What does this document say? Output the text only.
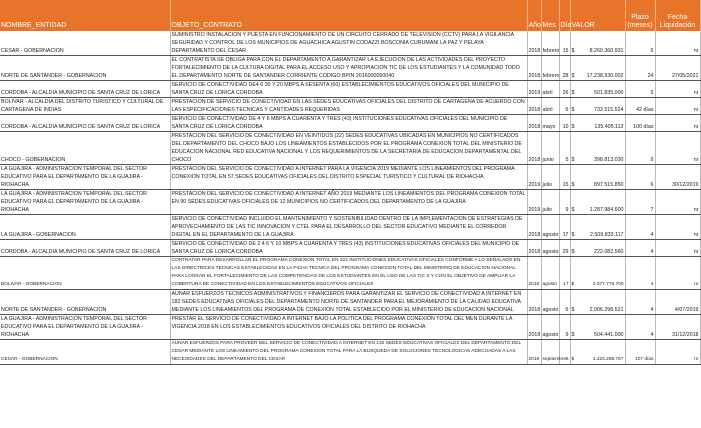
NOMBRE_ENTIDAD	OBJETO_CONTRATO	Año	Mes	Día	VALOR	Plazo (meses)	Fecha Liquidación
CESAR - GOBERNACION	SUMINISTRO INSTALACION Y PUESTA EN FUNCIONAMIENTO DE UN CIRCUITO CERRADO DE TELEVISION (CCTV) PARA LA VIGILANCIA SEGURIDAD Y CONTROL DE LOS MUNICIPIOS DE AGUACHICA AGUSTIN CODAZZI BOSCONIA CURUMANI LA PAZ Y PELAYA DEPARTAMENTO DEL CESAR	2018	febrero	15	$ 8.260.360.931	6	nr
NORTE DE SANTANDER - GOBERNACION	EL CONTRATISTA SE OBLIGA PARA CON EL DEPARTAMENTO A GARANTIZAR LA EJECUCION DE LAS ACTIVIDADES DEL PROYECTO FORTALECIMIENTO DE LA CULTURA DIGITAL PARA EL ACCESO USO Y APROPIACION TIC DE LOS ESTUDIANTES Y LA COMUNIDAD TODO EL DEPARTAMENTO NORTE DE SANTANDER CORRIENTE CODIGO BPIN 2016000050040	2018	febrero	28	$ 17.238.930.002	24	27/05/2021
CORDOBA - ALCALDIA MUNICIPIO DE SANTA CRUZ DE LORICA	SERVICIO DE CONECTIVIDAD DE4 6 30 Y 20 MBPS A SESENTA (60) ESTABLECIMIENTOS EDUCATIVOS OFICIALES DEL MUNICIPIO DE SANTA CRUZ DE LORICA CORDOBA	2019	abril	26	$ 501.835.000	5	nr
BOLIVAR - ALCALDIA DEL DISTRITO TURISTICO Y CULTURAL DE CARTAGENA DE INDIAS	PRESTACION DE SERVICIO DE CONECTIVIDAD EN LAS SEDES EDUCATIVAS OFICIALES DEL DISTRITO DE CARTAGENA DE ACUERDO CON LAS ESPECIFICACIONES TECNICAS Y CANTIDADES REQUERIDAS	2018	abril	6	$ 733.515.524	42 días	nr
CORDOBA - ALCALDIA MUNICIPIO DE SANTA CRUZ DE LORICA	SERVICIO DE CONECTIVIDAD DE 4 Y 6 MBPS A CUARENTA Y TRES (43) INSTITUCIONES EDUCATIVAS OFICIALES DEL MUNICIPIO DE SANTA CRUZ DE LORICA CORDOBA	2018	mayo	10	$ 135.405.113	100 días	nr
CHOCO - GOBERNACION	PRESTACION DEL SERVICIO DE CONECTIVIDAD EN VEINTIDOS (22) SEDES EDUCATIVAS UBICADAS EN MUNICIPIOS NO CERTIFICADOS DEL DEPARTAMENTO DEL CHOCO BAJO LOS LINEAMIENTOS ESTABLECIDOS POR EL PROGRAMA CONEXION TOTAL DEL MINISTERIO DE EDUCACION NACIONAL RED EDUCATIVA NACIONAL Y LOS REQUERIMIENTOS DE LA SECRETARIA DE EDUCACION DEPARTAMENTAL DEL CHOCO	2018	junio	5	$ 398.813.030	9	nr
LA GUAJIRA - ADMINISTRACION TEMPORAL DEL SECTOR EDUCATIVO PARA EL DEPARTAMENTO DE LA GUAJIRA - RIOHACHA	PRESTACION DEL SERVICIO DE CONECTIVIDAD A INTERNET PARA LA VIGENCIA 2019 MEDIANTE LOS LINEAMIENTOS DEL PROGRAMA CONEXION TOTAL EN 57 SEDES EDUCATIVAS OFICIALES DEL DISTRITO ESPECIAL TURISTICO Y CULTURAL DE RIOHACHA	2019	julio	15	$ 897.515.850	6	30/12/2019
LA GUAJIRA - ADMINISTRACION TEMPORAL DEL SECTOR EDUCATIVO PARA EL DEPARTAMENTO DE LA GUAJIRA - RIOHACHA	PRESTACION DEL SERVICIO DE CONECTIVIDAD A INTERNET AÑO 2019 MEDIANTE LOS LINEAMIENTOS DEL PROGRAMA CONEXION TOTAL EN 90 SEDES EDUCATIVAS OFICIALES DE 12 MUNICIPIOS NO CERTIFICADOS DEL DEPARTAMENTO DE LA GUAJIRA	2019	julio	9	$ 1.287.984.600	7	nr
LA GUAJIRA - GOBERNACION	SERVICIO DE CONECTIVIDAD INCLUIDO EL MANTENIMIENTO Y SOSTENIBILIDAD DENTRO DE LA IMPLEMENTACION DE ESTRATEGIAS DE APROVECHAMIENTO DE LAS TIC INNOVACION Y CTEL PARA EL DESARROLLO DEL SECTOR EDUCATIVO MEDIANTE EL CORREDOR DIGITAL EN EL DEPARTAMENTO DE LA GUAJIRA	2018	agosto	17	$ 2.509.833.117	4	nr
CORDOBA - ALCALDIA MUNICIPIO DE SANTA CRUZ DE LORICA	SERVICIO DE CONECTIVIDAD DE 2 4 6 Y 10 MBPS A CUARENTA Y TRES (43) INSTITUCIONES EDUCATIVAS OFICIALES DEL MUNICIPIO DE SANTA CRUZ DE LORICA CORDOBA	2018	agosto	29	$ 222.082.560	4	nr
BOLIVAR - GOBERNACION	CONTRATAR PARA DESARROLLAR EL PROGRAMA CONEXION TOTAL EN 222 INSTITUCIONES EDUCATIVAS OFICIALES CONFORME A LO SEÑALADO EN LAS DIRECTRICES TECNICAS ESTABLECIDAS EN LA FICHA TECNICA DEL PROGRAMA CONEXION TOTAL DEL MINISTERIO DE EDUCACION NACIONAL PARA LOGRAR EL FORTALECIMIENTO DE LAS COMPETENCIAS DE LOS ESTUDIANTES EN EL USO DE LAS TIC S Y CON EL OBJETIVO DE AMPLIAR LA COBERTURA DE CONECTIVIDAD EN LOS ESTABLECIMIENTOS EDUCATIVOS OFICIALES	2018	agosto	17	$ 2.077.775.700	4	nr
NORTE DE SANTANDER - GOBERNACION	AUNAR ESFUERZOS TECNICOS ADMINISTRATIVOS Y FINANCIEROS PARA GARANTIZAR EL SERVICIO DE CONECTIVIDAD A INTERNET EN 182 SEDES EDUCATIVAS OFICIALES DEL DEPARTAMENTO NORTE DE SANTANDER PARA EL MEJORAMIENTO DE LA CALIDAD EDUCATIVA MEDIANTE LOS LINEAMIENTOS DEL PROGRAMA DE CONEXION TOTAL ESTABLECIDO POR EL MINISTERIO DE EDUCACION NACIONAL	2018	agosto	6	$ 2.006.298.521	4	4/07/2019
LA GUAJIRA - ADMINISTRACION TEMPORAL DEL SECTOR EDUCATIVO PARA EL DEPARTAMENTO DE LA GUAJIRA - RIOHACHA	PRESTAR EL SERVICIO DE CONECTIVIDAD A INTERNET BAJO LA POLITICA DEL PROGRAMA CONEXION TOTAL DEL MEN DURANTE LA VIGENCIA 2018 EN LOS ESTABLECIMIENTOS EDUCATIVOS OFICIALES DEL DISTRITO DE RIOHACHA	2018	agosto	9	$ 504.441.000	4	31/12/2018
CESAR - GOBERNACION	AUNAR ESFUERZOS PARA PROVEER DEL SERVICIO DE CONECTIVIDAD A INTERNET EN 132 SEDES EDUCATIVAS OFICIALES DEL DEPARTAMENTO DEL CESAR MEDIANTE LOS LINEAMIENTO DEL PROGRAMA CONEXION TOTAL PARA LA BUSQUEDA DE SOLUCIONES TECNOLOGICAS ADECUADAS A LAS NECESIDADES DEL DEPARTAMENTO DEL CESAR	2018	septiembre	6	$ 1.224.296.767	107 días	nr
